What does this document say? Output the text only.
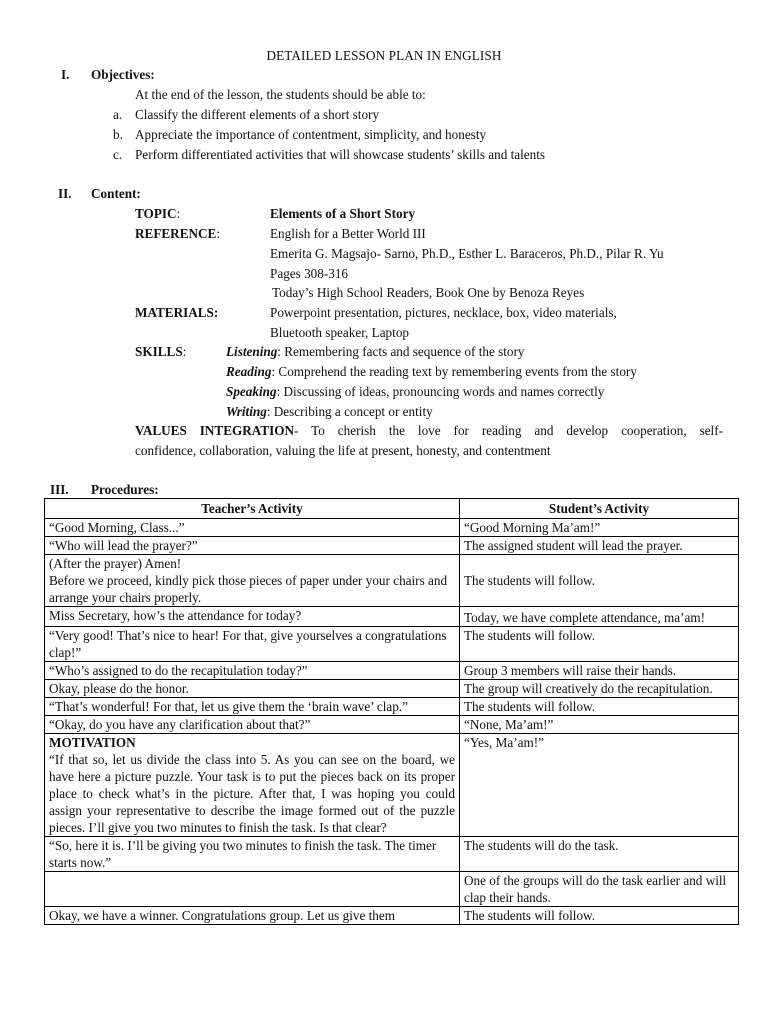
DETAILED LESSON PLAN IN ENGLISH
I. Objectives:
At the end of the lesson, the students should be able to:
a. Classify the different elements of a short story
b. Appreciate the importance of contentment, simplicity, and honesty
c. Perform differentiated activities that will showcase students’ skills and talents
II. Content:
TOPIC:	Elements of a Short Story
REFERENCE:	English for a Better World III
Emerita G. Magsajo- Sarno, Ph.D., Esther L. Baraceros, Ph.D., Pilar R. Yu
Pages 308-316
Today’s High School Readers, Book One by Benoza Reyes
MATERIALS:	Powerpoint presentation, pictures, necklace, box, video materials,
Bluetooth speaker, Laptop
SKILLS:	Listening: Remembering facts and sequence of the story
Reading: Comprehend the reading text by remembering events from the story
Speaking: Discussing of ideas, pronouncing words and names correctly
Writing: Describing a concept or entity
VALUES INTEGRATION- To cherish the love for reading and develop cooperation, self-
confidence, collaboration, valuing the life at present, honesty, and contentment
III. Procedures:
Teacher’s Activity	Student’s Activity
“Good Morning, Class...”	“Good Morning Ma’am!”
“Who will lead the prayer?”	The assigned student will lead the prayer.

(After the prayer) Amen!
Before we proceed, kindly pick those pieces of paper under your chairs and arrange your chairs properly.	The students will follow.
Miss Secretary, how’s the attendance for today?	Today, we have complete attendance, ma’am!
“Very good! That’s nice to hear! For that, give yourselves a congratulations clap!”	The students will follow.
“Who’s assigned to do the recapitulation today?”	Group 3 members will raise their hands.
Okay, please do the honor.	The group will creatively do the recapitulation.
“That’s wonderful! For that, let us give them the ‘brain wave’ clap.”	The students will follow.
“Okay, do you have any clarification about that?”	“None, Ma’am!”

MOTIVATION
“If that so, let us divide the class into 5. As you can see on the board, we have here a picture puzzle. Your task is to put the pieces back on its proper place to check what’s in the picture. After that, I was hoping you could assign your representative to describe the image formed out of the puzzle pieces. I’ll give you two minutes to finish the task. Is that clear?	“Yes, Ma’am!”
“So, here it is. I’ll be giving you two minutes to finish the task. The timer starts now.”	The students will do the task.
	One of the groups will do the task earlier and will clap their hands.
Okay, we have a winner. Congratulations group. Let us give them	The students will follow.
